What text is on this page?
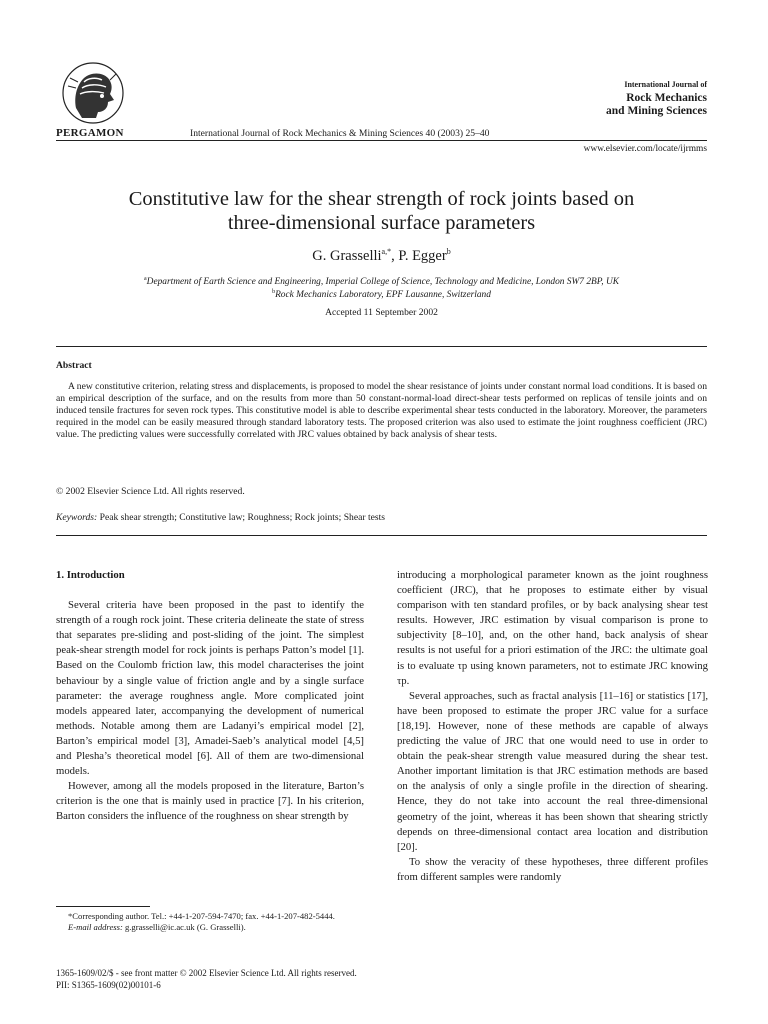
PERGAMON	International Journal of Rock Mechanics & Mining Sciences 40 (2003) 25–40
International Journal of
Rock Mechanics
and Mining Sciences
www.elsevier.com/locate/ijrmms
Constitutive law for the shear strength of rock joints based on
three-dimensional surface parameters
G. Grasselli$^{a,*}$, P. Egger$^b$
$^a$Department of Earth Science and Engineering, Imperial College of Science, Technology and Medicine, London SW7 2BP, UK
$^b$Rock Mechanics Laboratory, EPF Lausanne, Switzerland
Accepted 11 September 2002
Abstract

A new constitutive criterion, relating stress and displacements, is proposed to model the shear resistance of joints under constant normal load conditions. It is based on an empirical description of the surface, and on the results from more than 50 constant-normal-load direct-shear tests performed on replicas of tensile joints and on induced tensile fractures for seven rock types. This constitutive model is able to describe experimental shear tests conducted in the laboratory. Moreover, the parameters required in the model can be easily measured through standard laboratory tests. The proposed criterion was also used to estimate the joint roughness coefficient (JRC) value. The predicting values were successfully correlated with JRC values obtained by back analysis of shear tests.

© 2002 Elsevier Science Ltd. All rights reserved.
Keywords: Peak shear strength; Constitutive law; Roughness; Rock joints; Shear tests
1. Introduction

Several criteria have been proposed in the past to identify the strength of a rough rock joint. These criteria delineate the state of stress that separates pre-sliding and post-sliding of the joint. The simplest peak-shear strength model for rock joints is perhaps Patton’s model [1]. Based on the Coulomb friction law, this model characterises the joint behaviour by a single value of friction angle and by a single surface parameter: the average roughness angle. More complicated joint models appeared later, accompanying the development of numerical methods. Notable among them are Ladanyi’s empirical model [2], Barton’s empirical model [3], Amadei-Saeb’s analytical model [4,5] and Plesha’s theoretical model [6]. All of them are two-dimensional models.

However, among all the models proposed in the literature, Barton’s criterion is the one that is mainly used in practice [7]. In his criterion, Barton considers the influence of the roughness on shear strength by

introducing a morphological parameter known as the joint roughness coefficient (JRC), that he proposes to estimate either by visual comparison with ten standard profiles, or by back analysing shear test results. However, JRC estimation by visual comparison is prone to subjectivity [8–10], and, on the other hand, back analysis of shear results is not useful for a priori estimation of the JRC: the ultimate goal is to evaluate τp using known parameters, not to estimate JRC knowing τp.

Several approaches, such as fractal analysis [11–16] or statistics [17], have been proposed to estimate the proper JRC value for a surface [18,19]. However, none of these methods are capable of always predicting the value of JRC that one would need to use in order to obtain the peak-shear strength value measured during the shear test. Another important limitation is that JRC estimation methods are based on the analysis of only a single profile in the direction of shearing. Hence, they do not take into account the real three-dimensional geometry of the joint, whereas it has been shown that shearing strictly depends on three-dimensional contact area location and distribution [20].

To show the veracity of these hypotheses, three different profiles from different samples were randomly

*Corresponding author. Tel.: +44-1-207-594-7470; fax. +44-1-207-482-5444.

E-mail address: g.grasselli@ic.ac.uk (G. Grasselli).

1365-1609/02/$ - see front matter © 2002 Elsevier Science Ltd. All rights reserved.
PII: S1365-1609(02)00101-6
